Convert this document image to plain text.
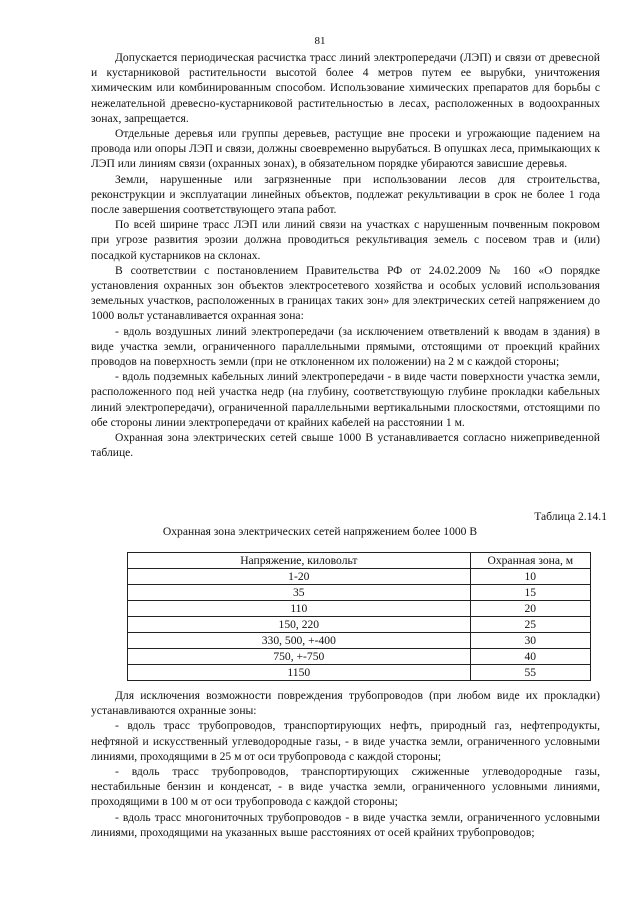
81

Допускается периодическая расчистка трасс линий электропередачи (ЛЭП) и связи от древесной и кустарниковой растительности высотой более 4 метров путем ее вырубки, уничтожения химическим или комбинированным способом. Использование химических препаратов для борьбы с нежелательной древесно-кустарниковой растительностью в лесах, расположенных в водоохранных зонах, запрещается.

Отдельные деревья или группы деревьев, растущие вне просеки и угрожающие падением на провода или опоры ЛЭП и связи, должны своевременно вырубаться. В опушках леса, примыкающих к ЛЭП или линиям связи (охранных зонах), в обязательном порядке убираются зависшие деревья.

Земли, нарушенные или загрязненные при использовании лесов для строительства, реконструкции и эксплуатации линейных объектов, подлежат рекультивации в срок не более 1 года после завершения соответствующего этапа работ.

По всей ширине трасс ЛЭП или линий связи на участках с нарушенным почвенным покровом при угрозе развития эрозии должна проводиться рекультивация земель с посевом трав и (или) посадкой кустарников на склонах.

В соответствии с постановлением Правительства РФ от 24.02.2009 № 160 «О порядке установления охранных зон объектов электросетевого хозяйства и особых условий использования земельных участков, расположенных в границах таких зон» для электрических сетей напряжением до 1000 вольт устанавливается охранная зона:

- вдоль воздушных линий электропередачи (за исключением ответвлений к вводам в здания) в виде участка земли, ограниченного параллельными прямыми, отстоящими от проекций крайних проводов на поверхность земли (при не отклоненном их положении) на 2 м с каждой стороны;

- вдоль подземных кабельных линий электропередачи - в виде части поверхности участка земли, расположенного под ней участка недр (на глубину, соответствующую глубине прокладки кабельных линий электропередачи), ограниченной параллельными вертикальными плоскостями, отстоящими по обе стороны линии электропередачи от крайних кабелей на расстоянии 1 м.

Охранная зона электрических сетей свыше 1000 В устанавливается согласно нижеприведенной таблице.

Таблица 2.14.1
Охранная зона электрических сетей напряжением более 1000 В
Напряжение, киловольт	Охранная зона, м
1-20	10
35	15
110	20
150, 220	25
330, 500, +-400	30
750, +-750	40
1150	55

Для исключения возможности повреждения трубопроводов (при любом виде их прокладки) устанавливаются охранные зоны:

- вдоль трасс трубопроводов, транспортирующих нефть, природный газ, нефтепродукты, нефтяной и искусственный углеводородные газы, - в виде участка земли, ограниченного условными линиями, проходящими в 25 м от оси трубопровода с каждой стороны;

- вдоль трасс трубопроводов, транспортирующих сжиженные углеводородные газы, нестабильные бензин и конденсат, - в виде участка земли, ограниченного условными линиями, проходящими в 100 м от оси трубопровода с каждой стороны;

- вдоль трасс многониточных трубопроводов - в виде участка земли, ограниченного условными линиями, проходящими на указанных выше расстояниях от осей крайних трубопроводов;
